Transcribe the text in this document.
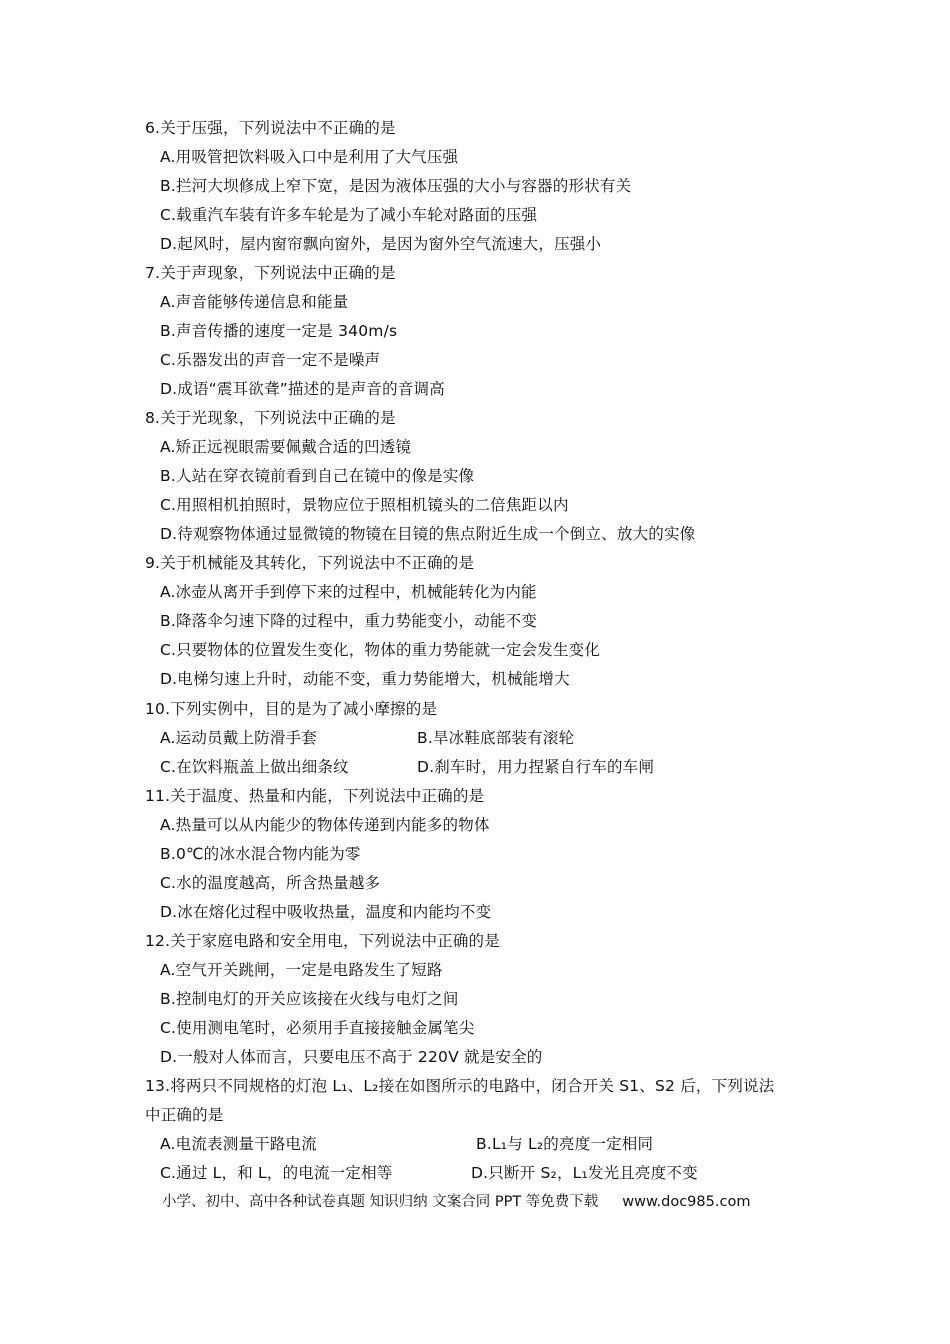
6.关于压强，下列说法中不正确的是
A.用吸管把饮料吸入口中是利用了大气压强
B.拦河大坝修成上窄下宽，是因为液体压强的大小与容器的形状有关
C.载重汽车装有许多车轮是为了减小车轮对路面的压强
D.起风时，屋内窗帘飘向窗外，是因为窗外空气流速大，压强小
7.关于声现象，下列说法中正确的是
A.声音能够传递信息和能量
B.声音传播的速度一定是 340m/s
C.乐器发出的声音一定不是噪声
D.成语“震耳欲聋”描述的是声音的音调高
8.关于光现象，下列说法中正确的是
A.矫正远视眼需要佩戴合适的凹透镜
B.人站在穿衣镜前看到自己在镜中的像是实像
C.用照相机拍照时，景物应位于照相机镜头的二倍焦距以内
D.待观察物体通过显微镜的物镜在目镜的焦点附近生成一个倒立、放大的实像
9.关于机械能及其转化，下列说法中不正确的是
A.冰壶从离开手到停下来的过程中，机械能转化为内能
B.降落伞匀速下降的过程中，重力势能变小，动能不变
C.只要物体的位置发生变化，物体的重力势能就一定会发生变化
D.电梯匀速上升时，动能不变，重力势能增大，机械能增大
10.下列实例中，目的是为了减小摩擦的是
A.运动员戴上防滑手套	B.旱冰鞋底部装有滚轮
C.在饮料瓶盖上做出细条纹	D.刹车时，用力捏紧自行车的车闸
11.关于温度、热量和内能，下列说法中正确的是
A.热量可以从内能少的物体传递到内能多的物体
B.0℃的冰水混合物内能为零
C.水的温度越高，所含热量越多
D.冰在熔化过程中吸收热量，温度和内能均不变
12.关于家庭电路和安全用电，下列说法中正确的是
A.空气开关跳闸，一定是电路发生了短路
B.控制电灯的开关应该接在火线与电灯之间
C.使用测电笔时，必须用手直接接触金属笔尖
D.一般对人体而言，只要电压不高于 220V 就是安全的
13.将两只不同规格的灯泡 L₁、L₂接在如图所示的电路中，闭合开关 S1、S2 后，下列说法
中正确的是
A.电流表测量干路电流	B.L₁与 L₂的亮度一定相同
C.通过 L，和 L，的电流一定相等	D.只断开 S₂，L₁发光且亮度不变
小学、初中、高中各种试卷真题 知识归纳 文案合同 PPT 等免费下载 www.doc985.com
